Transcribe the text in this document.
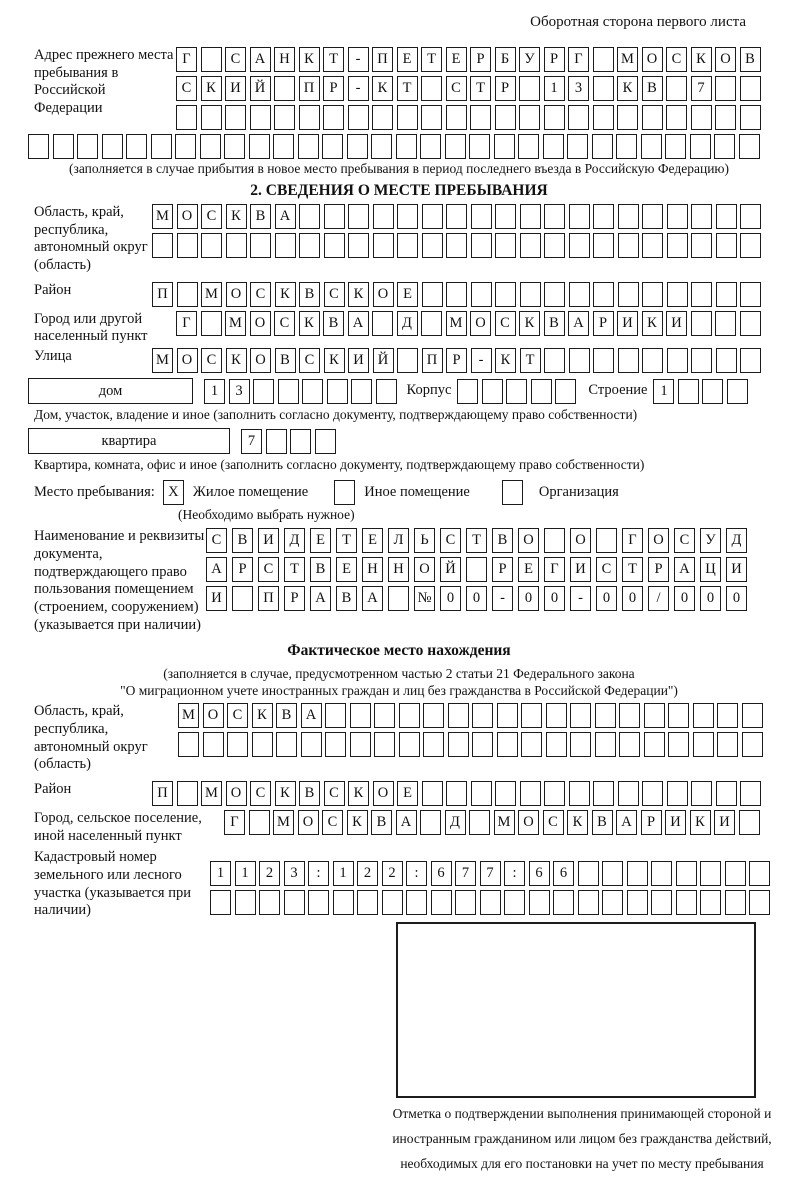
Оборотная сторона первого листа
Адрес прежнего места пребывания в Российской Федерации
Г	С А Н К	Т	-	П	Е	Т	Е	Р	Б	У	Р	Г	М О С	К О В
С	К И Й	П	Р	-	К	Т	С	Т	Р	1	3	К	В	7
(заполняется в случае прибытия в новое место пребывания в период последнего въезда в Российскую Федерацию)
2. СВЕДЕНИЯ О МЕСТЕ ПРЕБЫВАНИЯ
Область, край, республика, автономный округ (область)
М О С	К	В А
Район	П	М О С	К	В	С	К О	Е
Город или другой населенный пункт
Г	М О С	К	В А	Д	М О С	К	В А	Р	И К И
Улица	М О С	К О В	С	К И Й	П	Р	-	К	Т
дом	1	3	Корпус	Строение 1
Дом, участок, владение и иное (заполнить согласно документу, подтверждающему право собственности)
квартира	7
Квартира, комната, офис и иное (заполнить согласно документу, подтверждающему право собственности)
Место пребывания: X Жилое помещение	Иное помещение	Организация
(Необходимо выбрать нужное)
Наименование и реквизиты документа, подтверждающего право пользования помещением (строением, сооружением) (указывается при наличии)
С	В	И	Д	Е	Т	Е	Л	Ь	С	Т	В	О	О	Г	О	С	У	Д
А	Р	С	Т	В	Е	Н	Н	О	Й	Р	Е	Г	И	С	Т	Р	А	Ц	И
И	П	Р	А	В	А	№	0	0	-	0	0	-	0	0	/	0	0	0
Фактическое место нахождения
(заполняется в случае, предусмотренном частью 2 статьи 21 Федерального закона
"О миграционном учете иностранных граждан и лиц без гражданства в Российской Федерации")
Область, край, республика, автономный округ (область)
М О С	К	В А
Район	П	М О С	К	В	С	К О	Е
Город, сельское поселение, иной населенный пункт
Г	М О С	К	В А	Д	М О С	К	В А	Р	И К И
Кадастровый номер земельного или лесного участка (указывается при наличии)
1	1	2	3	:	1	2	2	:	6	7	7	:	6	6
Отметка о подтверждении выполнения принимающей стороной и иностранным гражданином или лицом без гражданства действий, необходимых для его постановки на учет по месту пребывания
